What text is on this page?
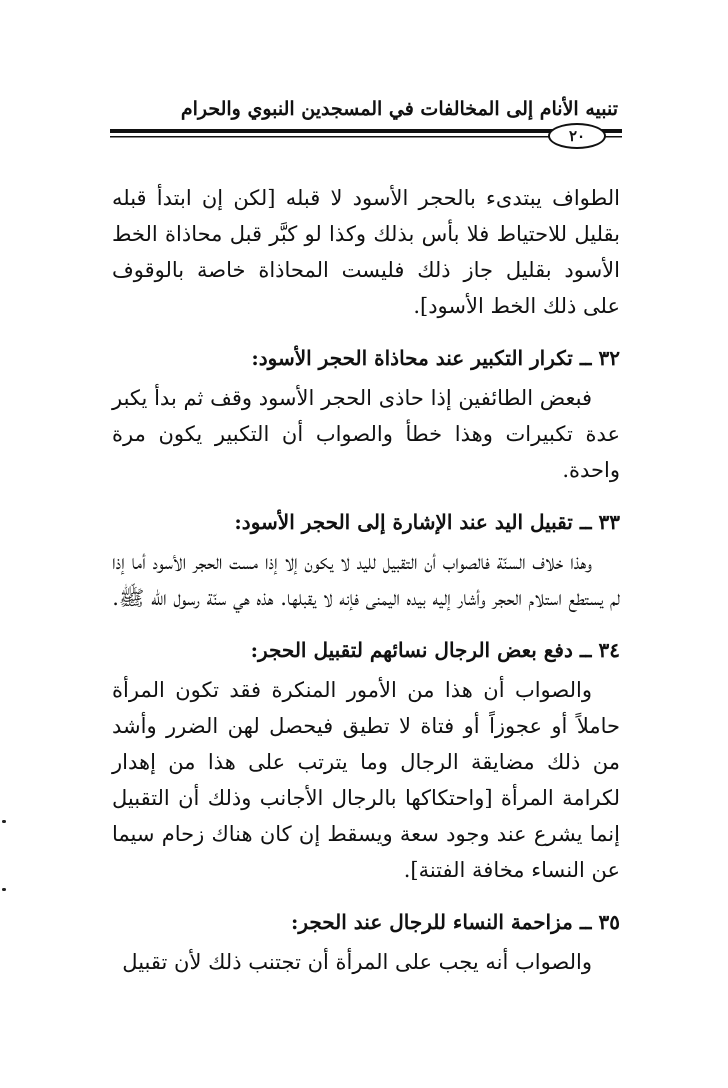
تنبيه الأنام إلى المخالفات في المسجدين النبوي والحرام
٢٠

الطواف يبتدىء بالحجر الأسود لا قبله [لكن إن ابتدأ قبله بقليل للاحتياط فلا بأس بذلك وكذا لو كبَّر قبل محاذاة الخط الأسود بقليل جاز ذلك فليست المحاذاة خاصة بالوقوف على ذلك الخط الأسود].

٣٢ ــ تكرار التكبير عند محاذاة الحجر الأسود:

فبعض الطائفين إذا حاذى الحجر الأسود وقف ثم بدأ يكبر عدة تكبيرات وهذا خطأ والصواب أن التكبير يكون مرة واحدة.

٣٣ ــ تقبيل اليد عند الإشارة إلى الحجر الأسود:

وهذا خلاف السنّة فالصواب أن التقبيل لليد لا يكون إلا إذا مست الحجر الأسود أما إذا لم يستطع استلام الحجر وأشار إليه بيده اليمنى فإنه لا يقبلها. هذه هي سنّة رسول الله ﷺ.

٣٤ ــ دفع بعض الرجال نسائهم لتقبيل الحجر:

والصواب أن هذا من الأمور المنكرة فقد تكون المرأة حاملاً أو عجوزاً أو فتاة لا تطيق فيحصل لهن الضرر وأشد من ذلك مضايقة الرجال وما يترتب على هذا من إهدار لكرامة المرأة [واحتكاكها بالرجال الأجانب وذلك أن التقبيل إنما يشرع عند وجود سعة ويسقط إن كان هناك زحام سيما عن النساء مخافة الفتنة].

٣٥ ــ مزاحمة النساء للرجال عند الحجر:

والصواب أنه يجب على المرأة أن تجتنب ذلك لأن تقبيل
